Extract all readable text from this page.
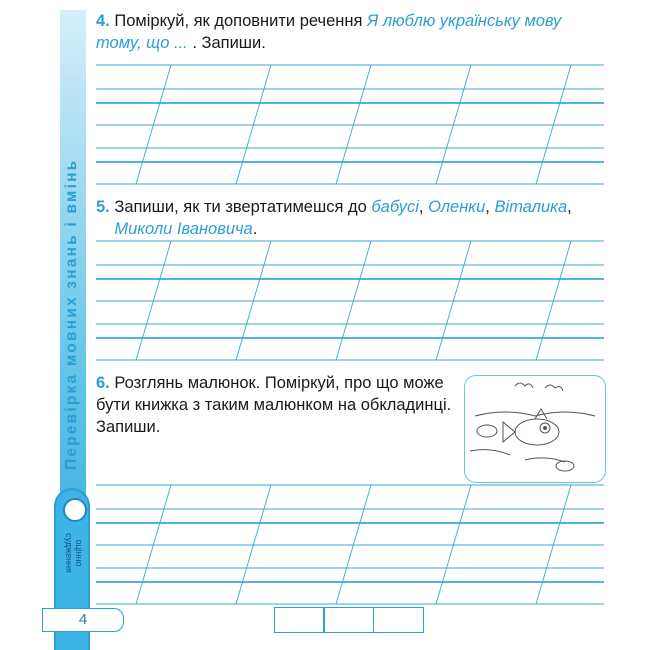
Перевірка мовних знань і вмінь
оцінно судження
4
4. Поміркуй, як доповнити речення Я люблю українську мову тому, що ... . Запиши.
5. Запиши, як ти звертатимешся до бабусі, Оленки, Віталика,
Миколи Івановича.
6. Розглянь малюнок. Поміркуй, про що може бути книжка з таким малюнком на обкладинці. Запиши.
